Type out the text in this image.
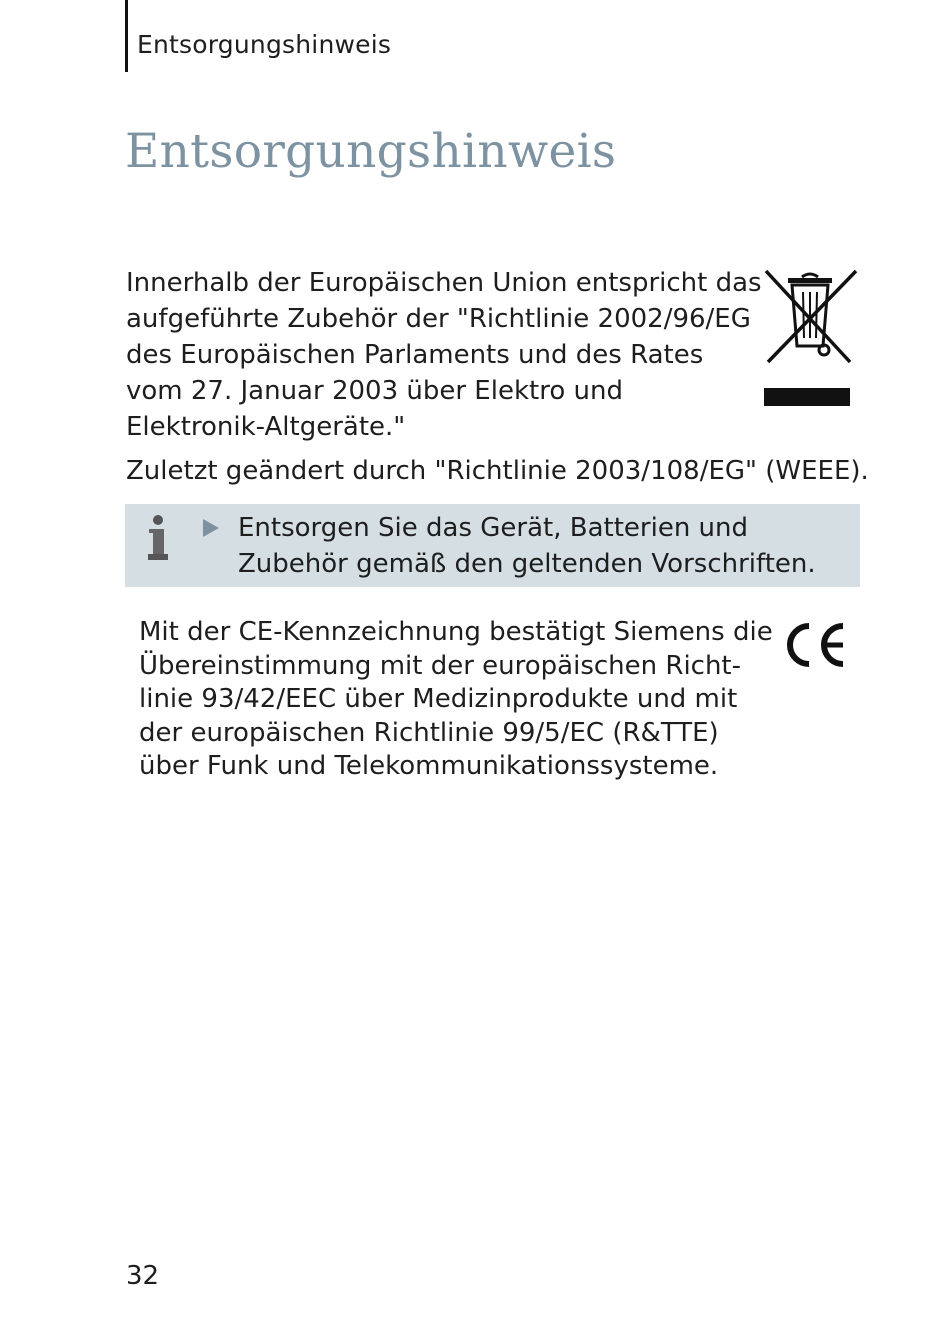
Entsorgungshinweis
Entsorgungshinweis

Innerhalb der Europäischen Union entspricht das aufgeführte Zubehör der "Richtlinie 2002/96/EG des Europäischen Parlaments und des Rates vom 27. Januar 2003 über Elektro und Elektronik-Altgeräte."

Zuletzt geändert durch "Richtlinie 2003/108/EG" (WEEE).

Entsorgen Sie das Gerät, Batterien und Zubehör gemäß den geltenden Vorschriften.

Mit der CE-Kennzeichnung bestätigt Siemens die Übereinstimmung mit der europäischen Richt-linie 93/42/EEC über Medizinprodukte und mit der europäischen Richtlinie 99/5/EC (R&TTE) über Funk und Telekommunikationssysteme.

32
